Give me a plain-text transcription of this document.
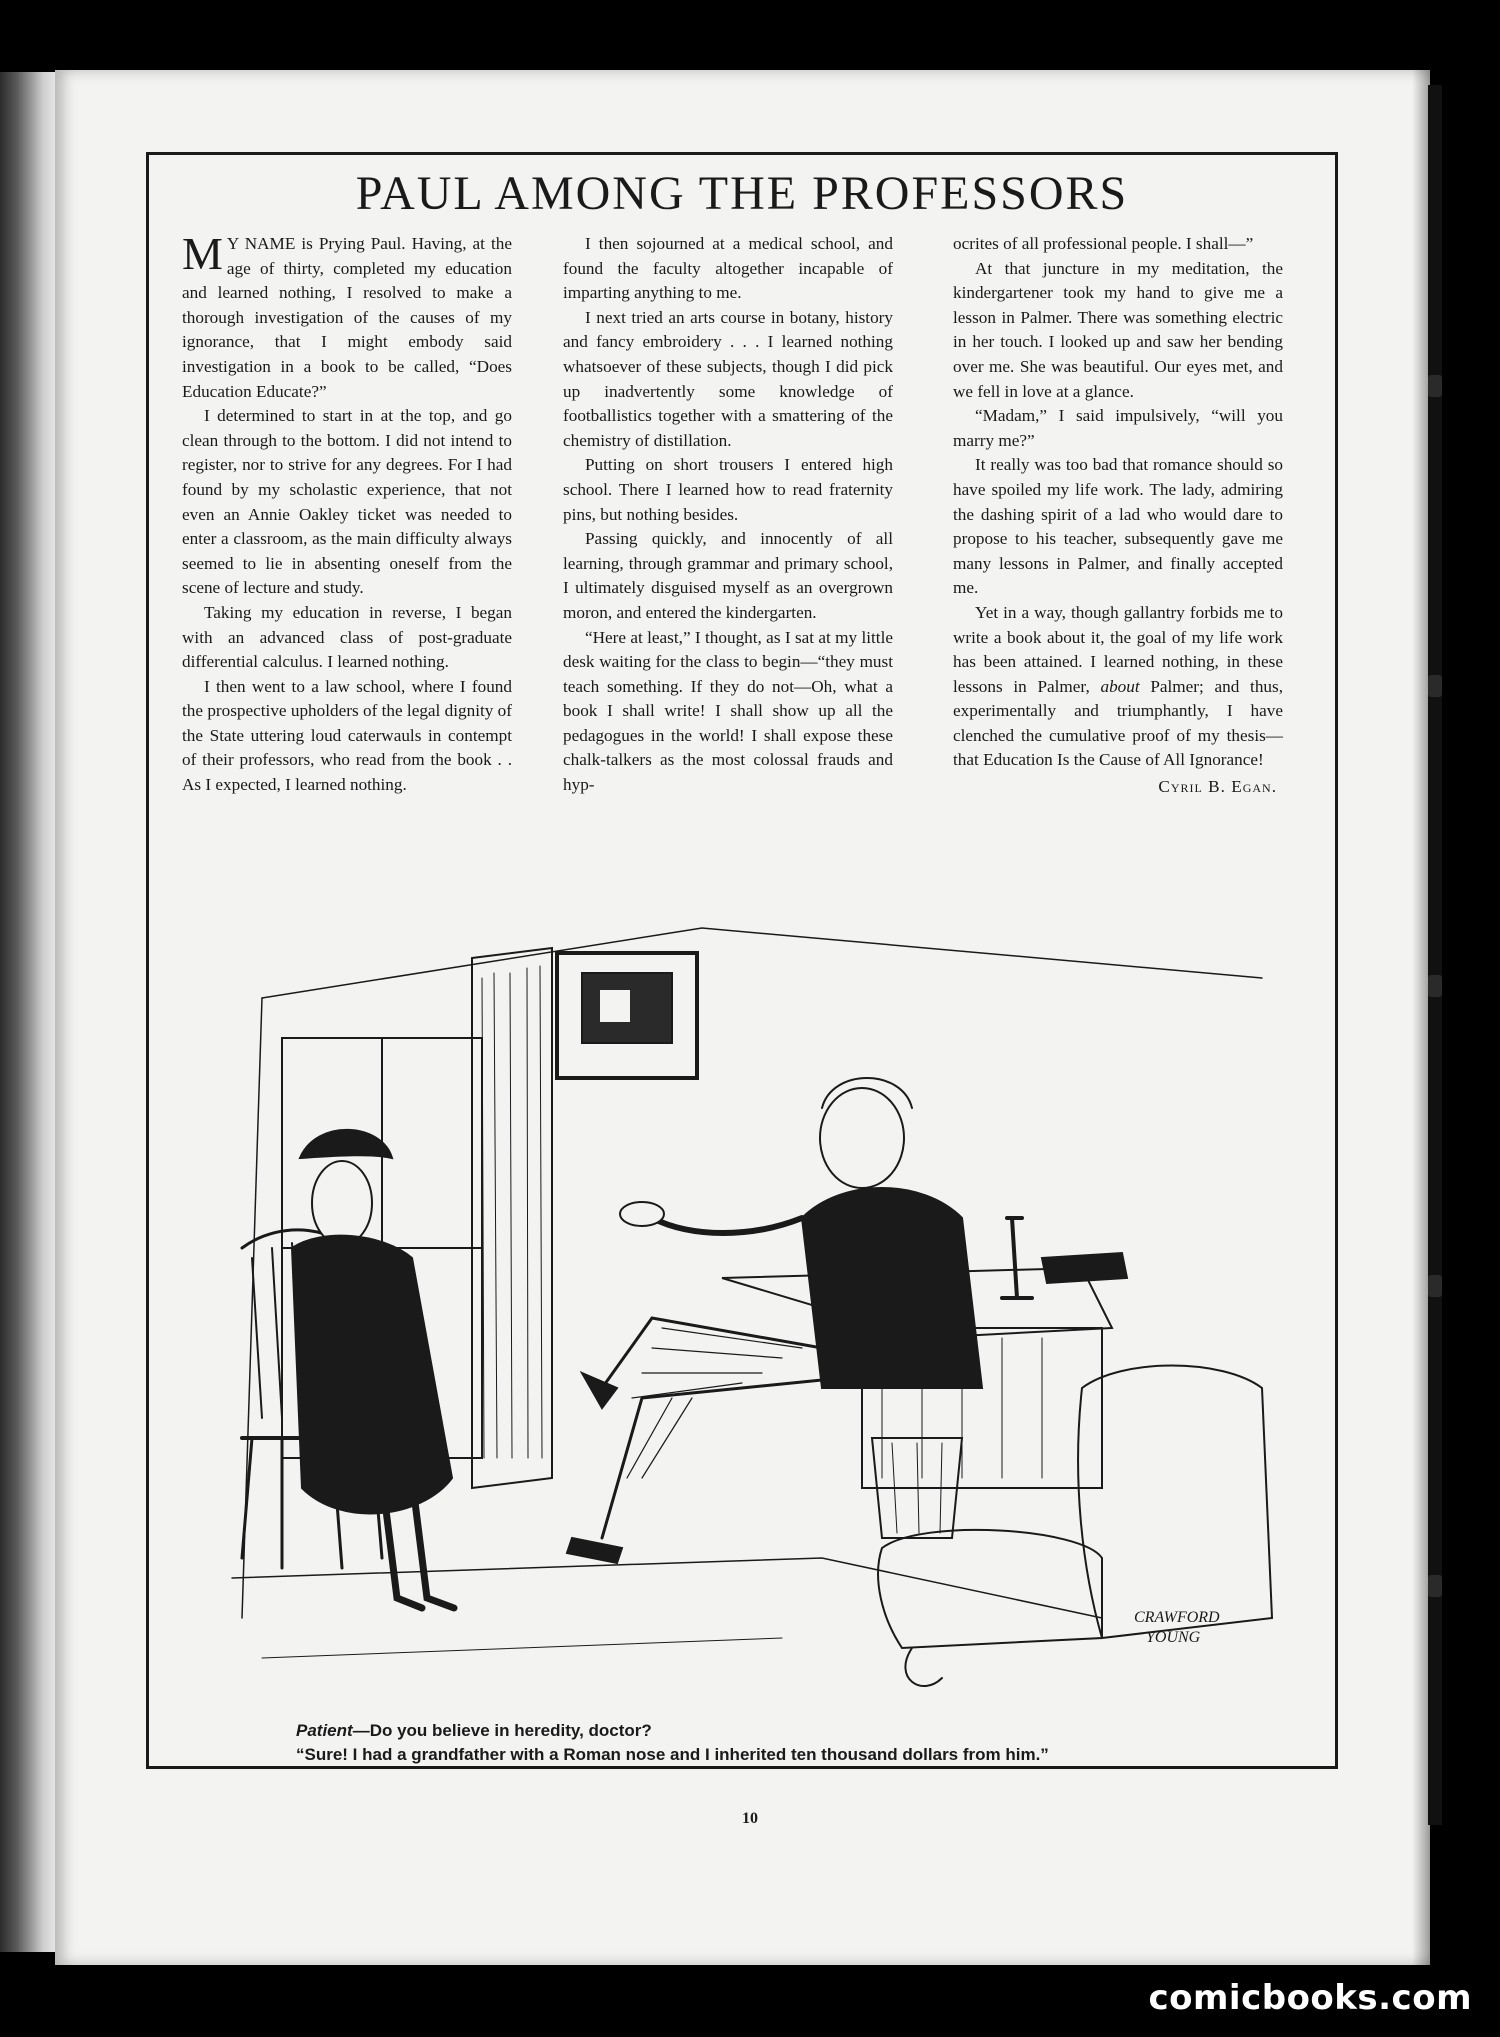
PAUL AMONG THE PROFESSORS

M Y NAME is Prying Paul. Having, at the age of thirty, completed my education and learned nothing, I resolved to make a thorough investigation of the causes of my ignorance, that I might embody said investigation in a book to be called, “Does Education Educate?”

I determined to start in at the top, and go clean through to the bottom. I did not intend to register, nor to strive for any degrees. For I had found by my scholastic experience, that not even an Annie Oakley ticket was needed to enter a classroom, as the main difficulty always seemed to lie in absenting oneself from the scene of lecture and study.

Taking my education in reverse, I began with an advanced class of post-graduate differential calculus. I learned nothing.

I then went to a law school, where I found the prospective upholders of the legal dignity of the State uttering loud caterwauls in contempt of their professors, who read from the book . . As I expected, I learned nothing.

I then sojourned at a medical school, and found the faculty altogether incapable of imparting anything to me.

I next tried an arts course in botany, history and fancy embroidery . . . I learned nothing whatsoever of these subjects, though I did pick up inadvertently some knowledge of footballistics together with a smattering of the chemistry of distillation.

Putting on short trousers I entered high school. There I learned how to read fraternity pins, but nothing besides.

Passing quickly, and innocently of all learning, through grammar and primary school, I ultimately disguised myself as an overgrown moron, and entered the kindergarten.

“Here at least,” I thought, as I sat at my little desk waiting for the class to begin—“they must teach something. If they do not—Oh, what a book I shall write! I shall show up all the pedagogues in the world! I shall expose these chalk-talkers as the most colossal frauds and hyp-

ocrites of all professional people. I shall—”

At that juncture in my meditation, the kindergartener took my hand to give me a lesson in Palmer. There was something electric in her touch. I looked up and saw her bending over me. She was beautiful. Our eyes met, and we fell in love at a glance.

“Madam,” I said impulsively, “will you marry me?”

It really was too bad that romance should so have spoiled my life work. The lady, admiring the dashing spirit of a lad who would dare to propose to his teacher, subsequently gave me many lessons in Palmer, and finally accepted me.

Yet in a way, though gallantry forbids me to write a book about it, the goal of my life work has been attained. I learned nothing, in these lessons in Palmer, about Palmer; and thus, experimentally and triumphantly, I have clenched the cumulative proof of my thesis—that Education Is the Cause of All Ignorance!

Cyril B. Egan.
CRAWFORD
YOUNG
Patient—Do you believe in heredity, doctor?
“Sure! I had a grandfather with a Roman nose and I inherited ten thousand dollars from him.”
10
comicbooks.com
